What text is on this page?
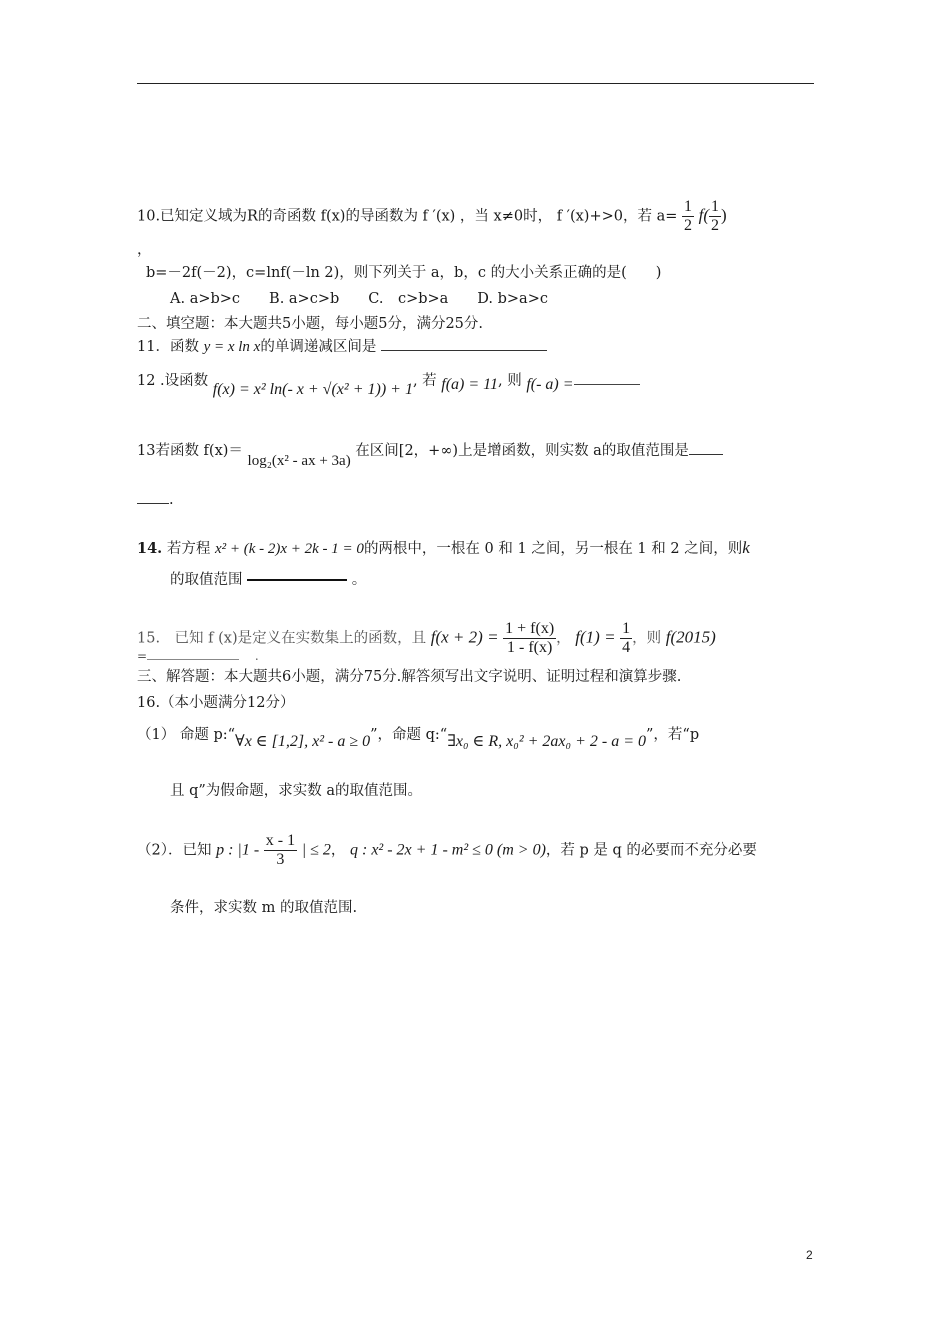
10.已知定义域为R的奇函数 f(x)的导函数为 f ′(x) ，当 x≠0时， f ′(x)+>0，若 $a= \frac{1}{2} f( \frac{1}{2}$ )
，
b=－2f(－2)，c=lnf(－ln 2)，则下列关于 a，b，c 的大小关系正确的是(　　)
A. a>b>c　　B. a>c>b　　C.　c>b>a　　D. b>a>c
二、填空题：本大题共5小题，每小题5分，满分25分.
11．函数 y = x ln x的单调递减区间是
12 .设函数 f(x) = x² ln(- x + √(x² + 1)) + 1, 若 f(a) = 11, 则 f(- a) =
13若函数 f(x)＝ log₂(x² - ax + 3a) 在区间[2，+∞)上是增函数，则实数 a的取值范围是
.
14. 若方程 x² + (k - 2)x + 2k - 1 = 0的两根中，一根在 0 和 1 之间，另一根在 1 和 2 之间，则k
的取值范围	。
15.　已知 f (x)是定义在实数集上的函数，且 $f(x + 2) = \frac{1 + f(x)}{1 - f(x)}$ ， $f(1) = \frac{1}{4}$ ，则 f(2015)
=	.
三、解答题：本大题共6小题，满分75分.解答须写出文字说明、证明过程和演算步骤.
16.（本小题满分12分）
（1） 命题 p:“∀x ∈ [1,2], x² - a ≥ 0”，命题 q:“∃x₀ ∈ R, x₀² + 2ax₀ + 2 - a = 0”，若“p
且 q”为假命题，求实数 a的取值范围。
（2）．已知 p : $|1 - \frac{x - 1}{3}$ | ≤ 2， q : x² - 2x + 1 - m² ≤ 0 (m > 0)，若 p 是 q 的必要而不充分必要
条件，求实数 m 的取值范围.
2
